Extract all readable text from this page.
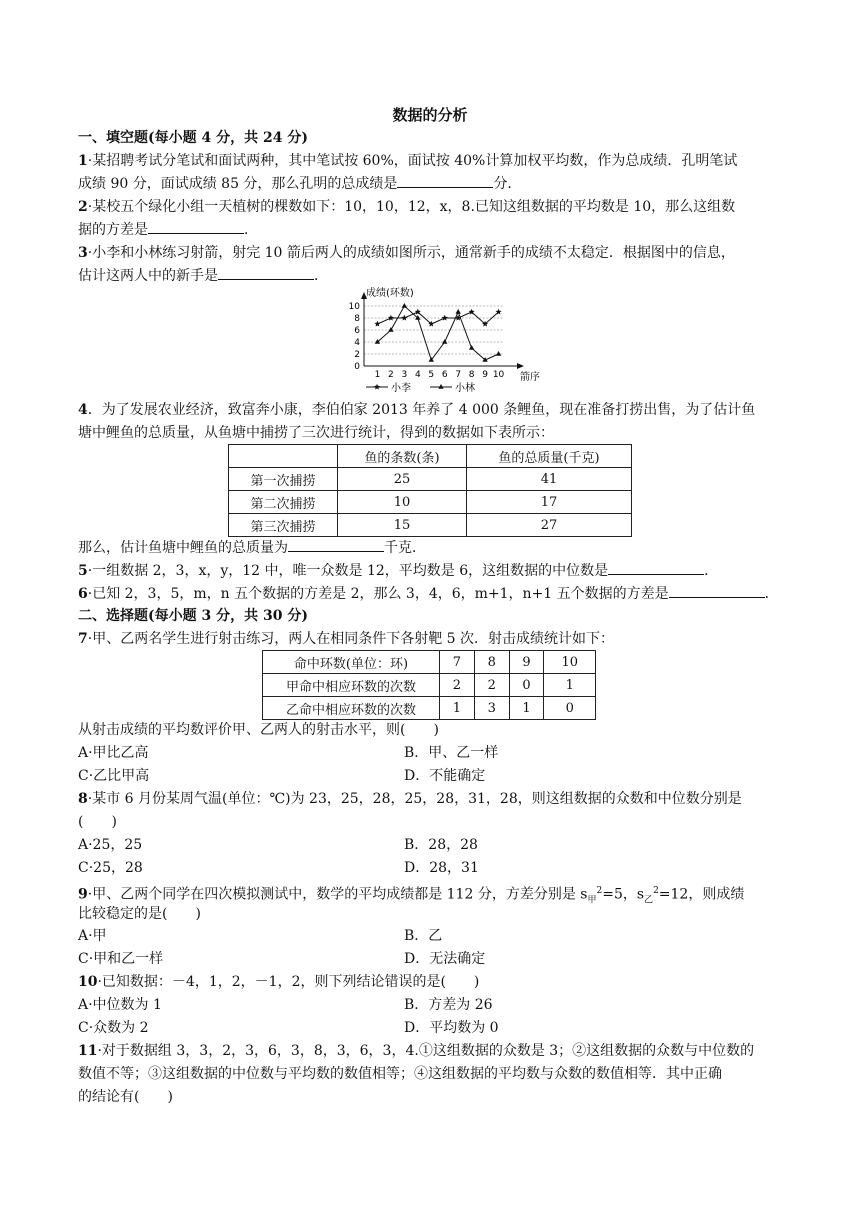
数据的分析
一、填空题(每小题 4 分，共 24 分)
1·某招聘考试分笔试和面试两种，其中笔试按 60%，面试按 40%计算加权平均数，作为总成绩．孔明笔试
成绩 90 分，面试成绩 85 分，那么孔明的总成绩是	分．
2·某校五个绿化小组一天植树的棵数如下：10，10，12，x，8.已知这组数据的平均数是 10，那么这组数
据的方差是	．
3·小李和小林练习射箭，射完 10 箭后两人的成绩如图所示，通常新手的成绩不太稳定．根据图中的信息，
估计这两人中的新手是	．
0
2
4
6
8
10
1 2 3 4 5 6 7 8 9 10
成绩(环数)
箭序
小李	小林
4．为了发展农业经济，致富奔小康，李伯伯家 2013 年养了 4 000 条鲤鱼，现在准备打捞出售，为了估计鱼
塘中鲤鱼的总质量，从鱼塘中捕捞了三次进行统计，得到的数据如下表所示：
	鱼的条数(条)	鱼的总质量(千克)
第一次捕捞	25	41
第二次捕捞	10	17
第三次捕捞	15	27
那么，估计鱼塘中鲤鱼的总质量为	千克．
5·一组数据 2，3，x，y，12 中，唯一众数是 12，平均数是 6，这组数据的中位数是	．
6·已知 2，3，5，m，n 五个数据的方差是 2，那么 3，4，6，m+1，n+1 五个数据的方差是	．
二、选择题(每小题 3 分，共 30 分)
7·甲、乙两名学生进行射击练习，两人在相同条件下各射靶 5 次．射击成绩统计如下：
命中环数(单位：环)	7	8	9	10
甲命中相应环数的次数	2	2	0	1
乙命中相应环数的次数	1	3	1	0
从射击成绩的平均数评价甲、乙两人的射击水平，则(　　)
A·甲比乙高	B．甲、乙一样
C·乙比甲高	D．不能确定
8·某市 6 月份某周气温(单位：℃)为 23，25，28，25，28，31，28，则这组数据的众数和中位数分别是
(　　)
A·25，25	B．28，28
C·25，28	D．28，31
9·甲、乙两个同学在四次模拟测试中，数学的平均成绩都是 112 分，方差分别是 $s_甲^2=5$，$s_乙^2=12$，则成绩
比较稳定的是(　　)
A·甲	B．乙
C·甲和乙一样	D．无法确定
10·已知数据：－4，1，2，－1，2，则下列结论错误的是(　　)
A·中位数为 1	B．方差为 26
C·众数为 2	D．平均数为 0
11·对于数据组 3，3，2，3，6，3，8，3，6，3，4.①这组数据的众数是 3；②这组数据的众数与中位数的
数值不等；③这组数据的中位数与平均数的数值相等；④这组数据的平均数与众数的数值相等．其中正确
的结论有(　　)
